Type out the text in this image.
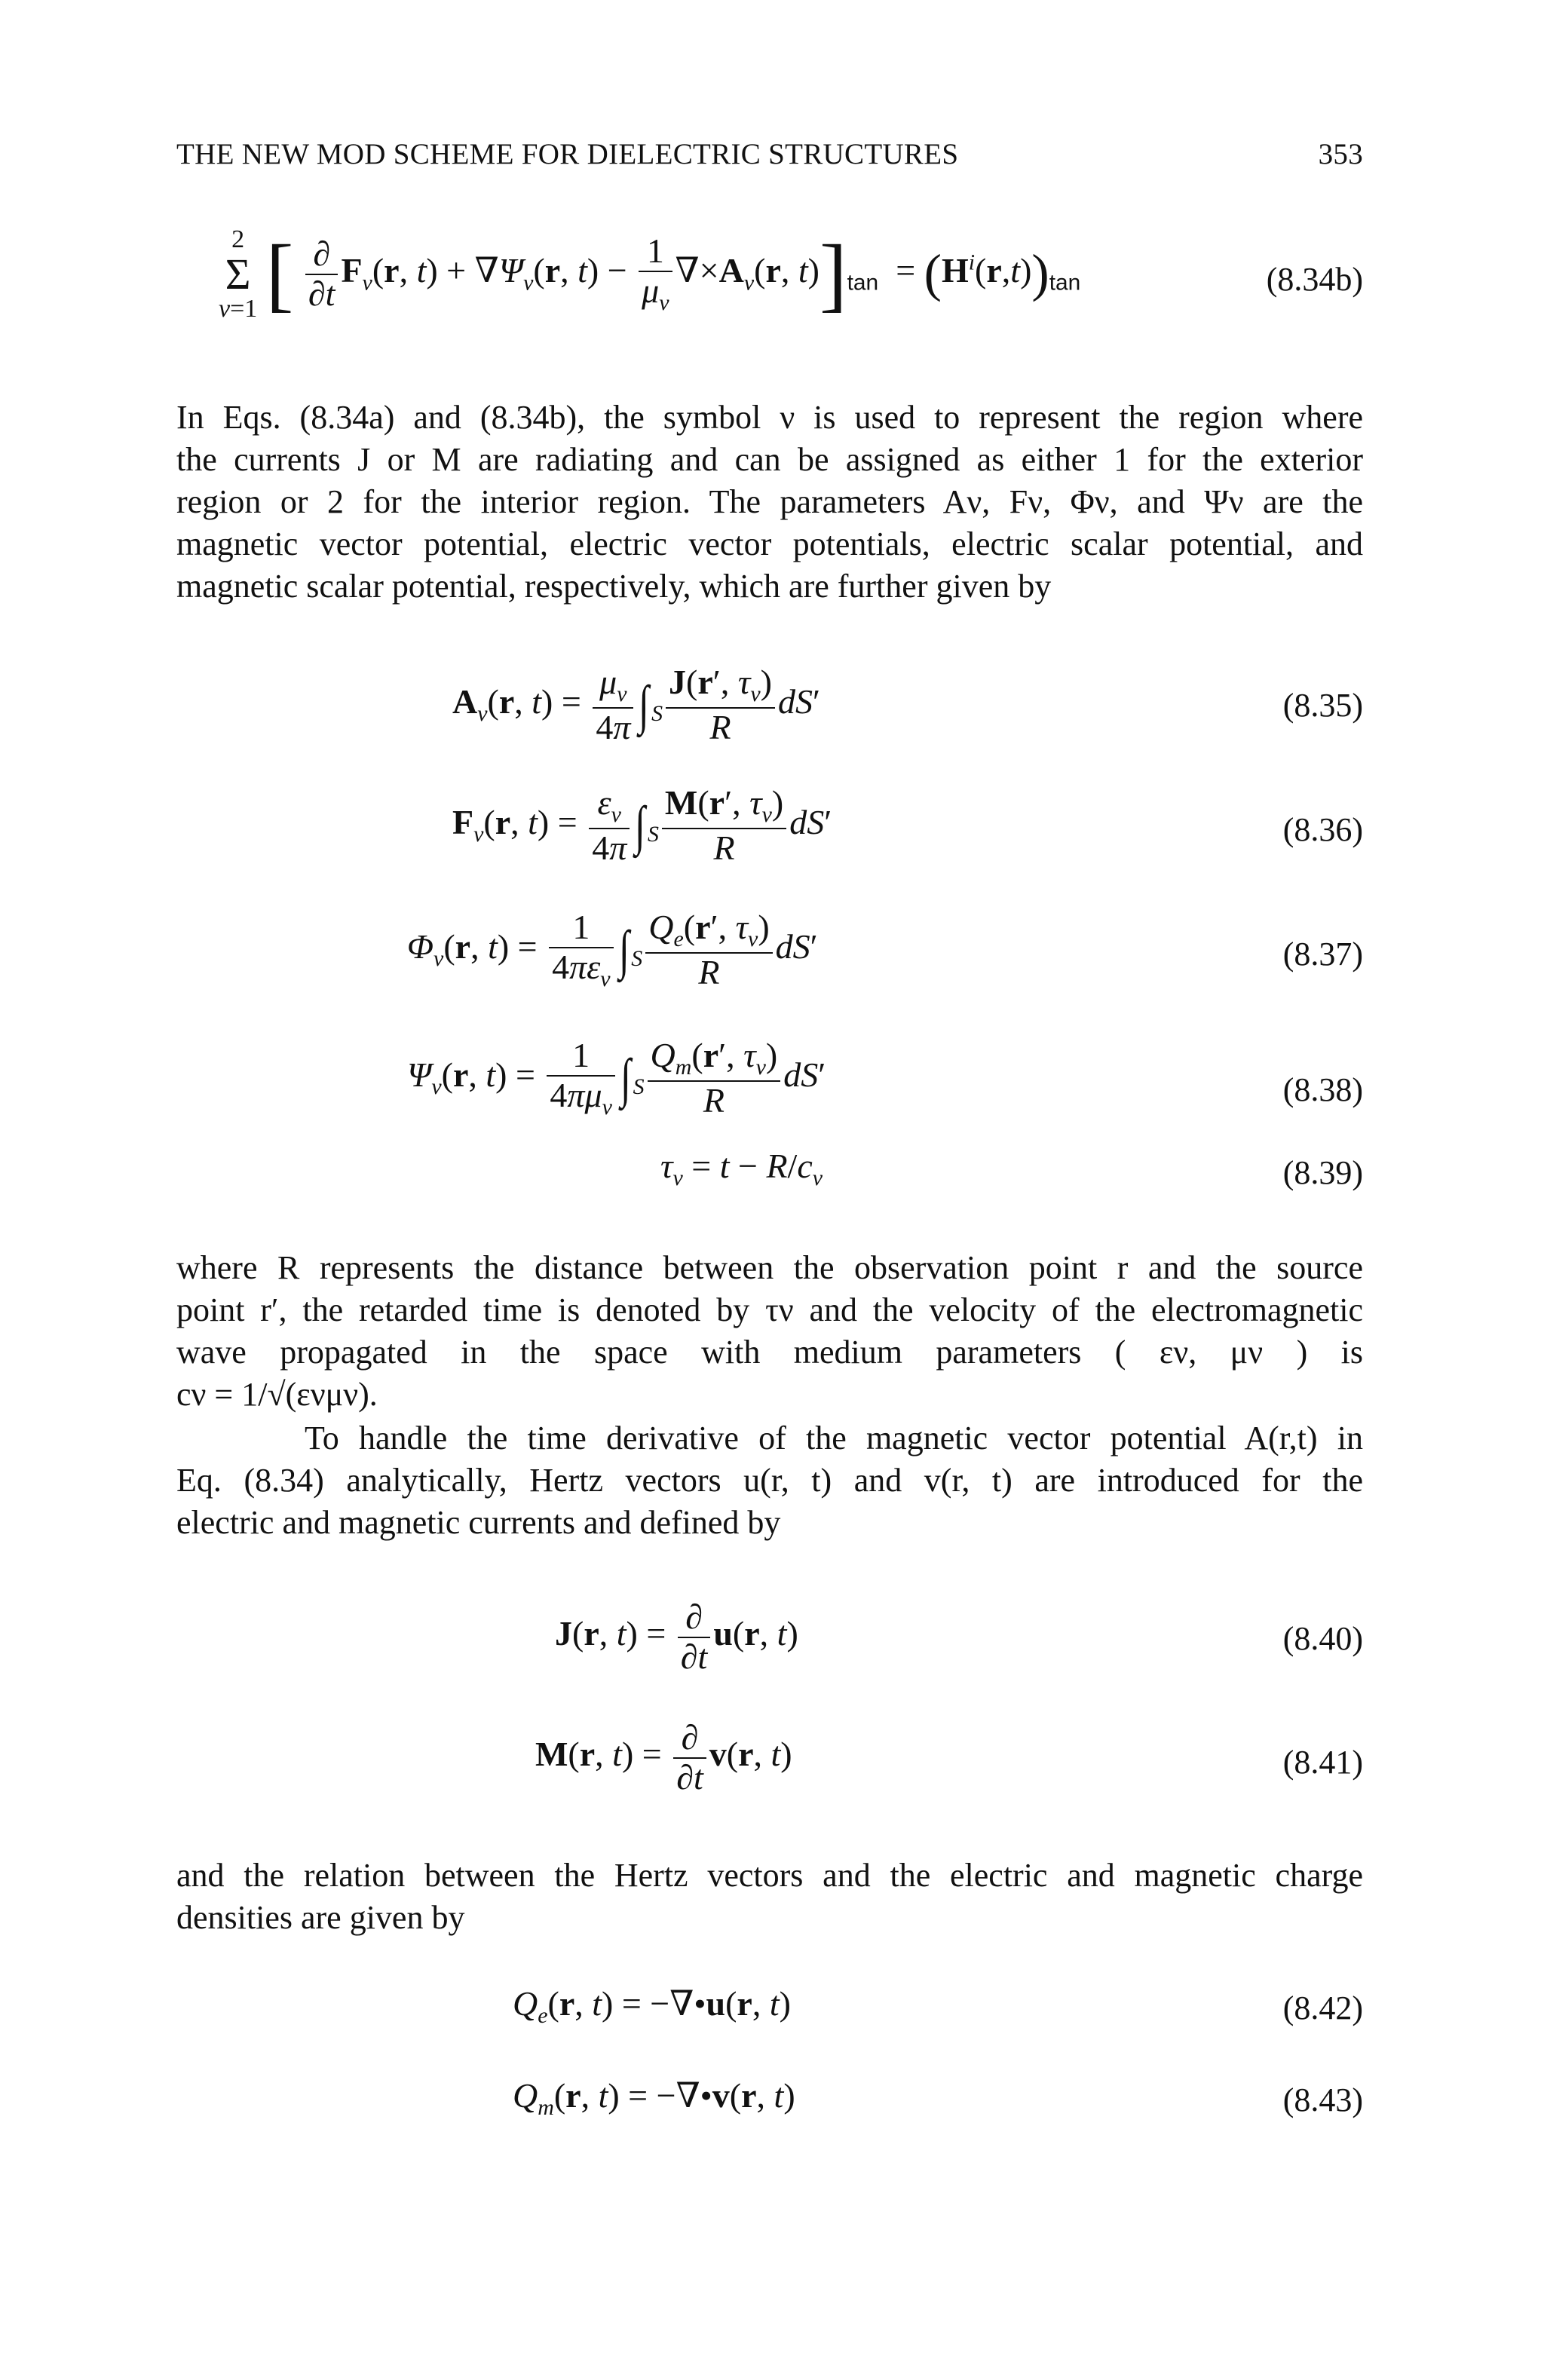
THE NEW MOD SCHEME FOR DIELECTRIC STRUCTURES	353
2
Σ
ν=1 [ $\frac{\partial}{\partial t} F_\nu(r$, $t) + \nabla\Psi_\nu(r$, $t) - \frac{1}{\mu_\nu} \nabla\times A_\nu(r$, $t)]_{tan} = (H^i(r,t))_{tan}$	(8.34b)

In Eqs. (8.34a) and (8.34b), the symbol ν is used to represent the region where

the currents J or M are radiating and can be assigned as either 1 for the exterior

region or 2 for the interior region. The parameters Aν, Fν, Φν, and Ψν are the

magnetic vector potential, electric vector potentials, electric scalar potential, and

magnetic scalar potential, respectively, which are further given by

$A_\nu(r$, $t) = \frac{\mu_\nu}{4\pi} \int_S \frac{J(r', \tau_\nu)}{R} dS'$	(8.35)
$F_\nu(r$, $t) = \frac{\varepsilon_\nu}{4\pi} \int_S \frac{M(r', \tau_\nu)}{R} dS'$	(8.36)
$\Phi_\nu(r$, $t) = \frac{1}{4\pi\varepsilon_\nu} \int_S \frac{Q_e(r', \tau_\nu)}{R} dS'$	(8.37)
$\Psi_\nu(r$, $t) = \frac{1}{4\pi\mu_\nu} \int_S \frac{Q_m(r', \tau_\nu)}{R} dS'$	(8.38)
$\tau_\nu = t - R/c_\nu$	(8.39)

where R represents the distance between the observation point r and the source

point r′, the retarded time is denoted by τν and the velocity of the electromagnetic

wave propagated in the space with medium parameters ( εν, μν ) is

cν = 1/√(ενμν).

To handle the time derivative of the magnetic vector potential A(r,t) in

Eq. (8.34) analytically, Hertz vectors u(r, t) and v(r, t) are introduced for the

electric and magnetic currents and defined by

J(r, $t) = \frac{\partial}{\partial t} u(r$, t)	(8.40)
M(r, $t) = \frac{\partial}{\partial t} v(r$, t)	(8.41)

and the relation between the Hertz vectors and the electric and magnetic charge

densities are given by

$Q_e(r$, t) = −∇•u(r, t)	(8.42)
$Q_m(r$, t) = −∇•v(r, t)	(8.43)
